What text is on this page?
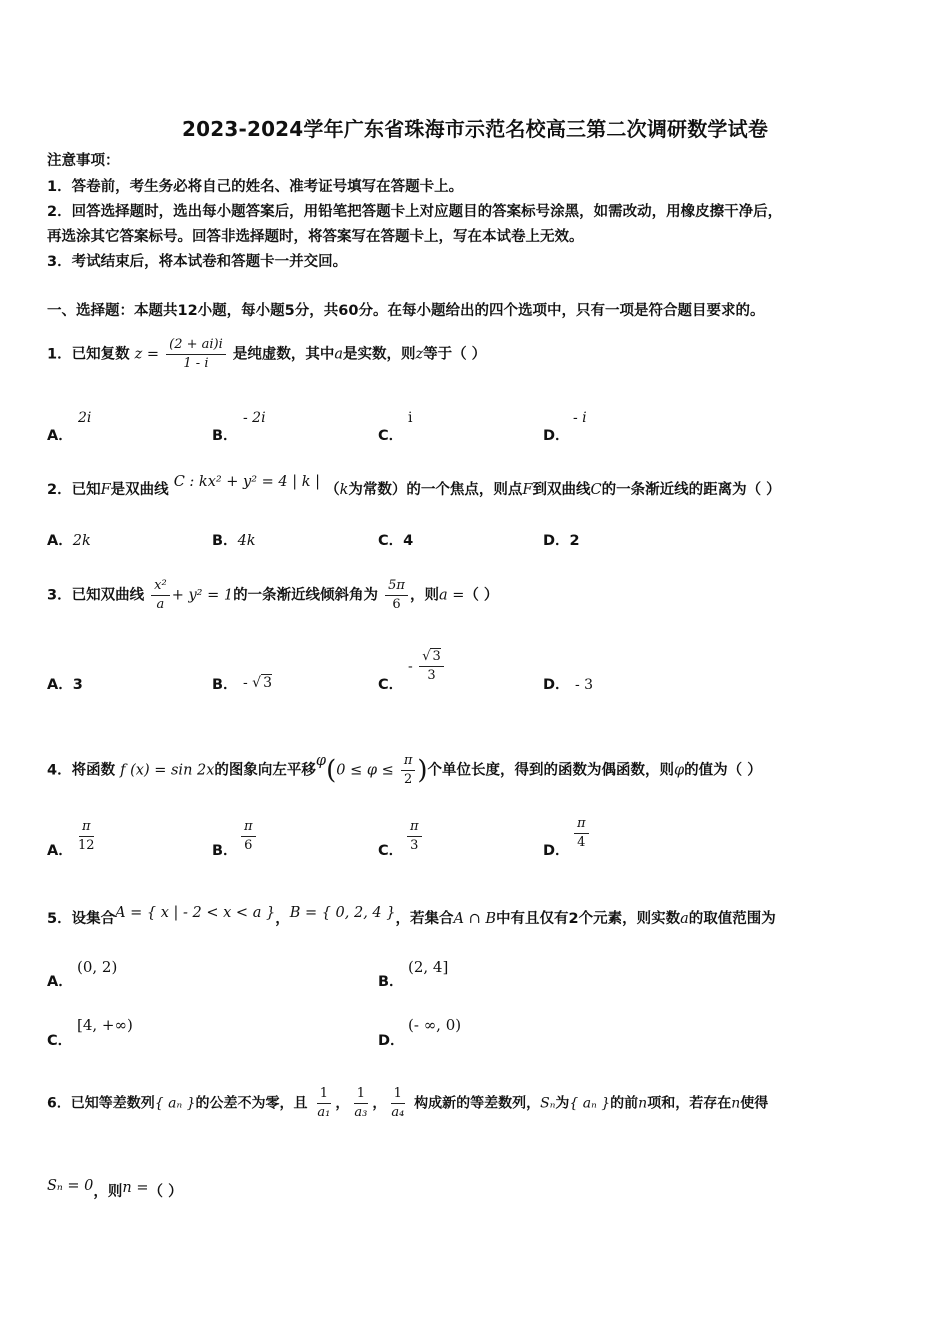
2023-2024学年广东省珠海市示范名校高三第二次调研数学试卷
注意事项：
1．答卷前，考生务必将自己的姓名、准考证号填写在答题卡上。
2．回答选择题时，选出每小题答案后，用铅笔把答题卡上对应题目的答案标号涂黑，如需改动，用橡皮擦干净后，
再选涂其它答案标号。回答非选择题时，将答案写在答题卡上，写在本试卷上无效。
3．考试结束后，将本试卷和答题卡一并交回。
一、选择题：本题共12小题，每小题5分，共60分。在每小题给出的四个选项中，只有一项是符合题目要求的。
1．已知复数 $z = \frac{(2 + ai)i}{1 - i}$ 是纯虚数，其中a是实数，则z等于（ ）
A．
2i
B．
- 2i
C．
i
D．
- i
2．已知F是双曲线 C : kx² + y² = 4 | k | （k为常数）的一个焦点，则点F到双曲线C的一条渐近线的距离为（ ）
A．2k	B．4k	C．4	D．2
3．已知双曲线 $\frac{\text{x²}}{a} + y^2 = 1$的一条渐近线倾斜角为 $\frac{5\pi}{6}$ ，则a =（ ）
A．3	B． - √ 3	C．
- $\frac{√ 3}{3}$	D． - 3
4．将函数 f (x) = sin 2x的图象向左平移$\varphi(0 \le \varphi \le \frac{\pi}{2}$ )个单位长度，得到的函数为偶函数，则φ的值为（ ）
A． $\frac{\pi}{12}$	B． $\frac{\pi}{6}$	C． $\frac{\pi}{3}$	D． $\frac{\pi}{4}$
5．设集合A = { x | - 2 < x < a }，B = { 0, 2, 4 }，若集合A ∩ B中有且仅有2个元素，则实数a的取值范围为
A．
(0, 2)
B．
(2, 4]
C．
[4, +∞)
D．
(- ∞, 0)
6．已知等差数列{ aₙ }的公差不为零，且 $\frac{1}{\text{a₁}}$ ， $\frac{1}{\text{a₃}}$ ， $\frac{1}{\text{a₄}}$ 构成新的等差数列，Sₙ为{ aₙ }的前n项和，若存在n使得
Sₙ = 0，则n =（ ）
